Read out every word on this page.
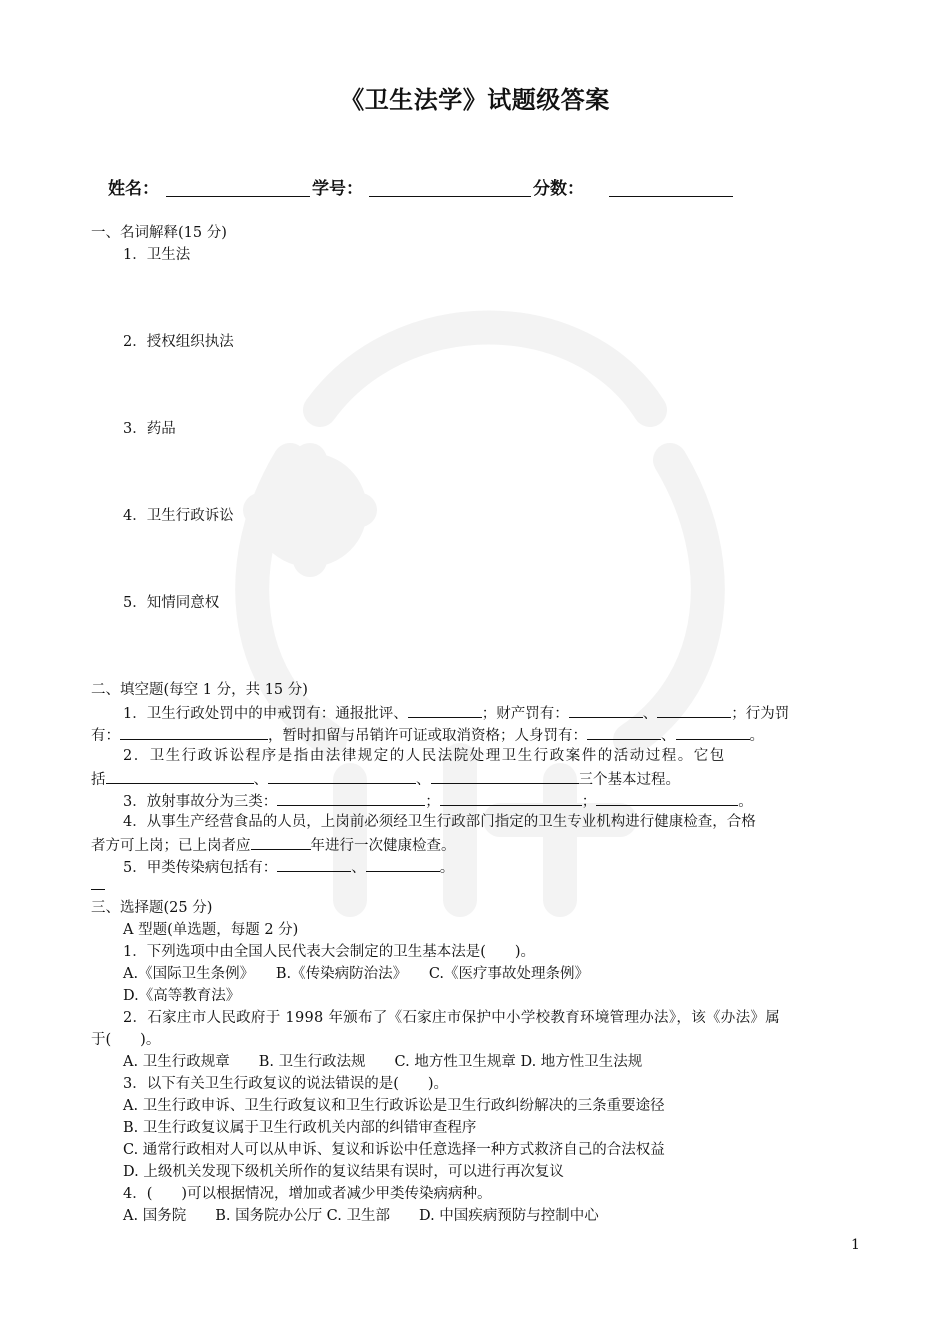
《卫生法学》试题级答案
姓名：	学号：	分数：
一、名词解释(15 分)
1．卫生法
2．授权组织执法
3．药品
4．卫生行政诉讼
5．知情同意权
二、填空题(每空 1 分，共 15 分)
1．卫生行政处罚中的申戒罚有：通报批评、	；财产罚有：	、	；行为罚
有：	，暂时扣留与吊销许可证或取消资格；人身罚有：	、	。
2．卫生行政诉讼程序是指由法律规定的人民法院处理卫生行政案件的活动过程。它包
括	、	、	三个基本过程。
3．放射事故分为三类：	；	；	。
4．从事生产经营食品的人员，上岗前必须经卫生行政部门指定的卫生专业机构进行健康检查，合格
者方可上岗；已上岗者应	年进行一次健康检查。
5．甲类传染病包括有：	、	。
三、选择题(25 分)
A 型题(单选题，每题 2 分)
1．下列选项中由全国人民代表大会制定的卫生基本法是(　　)。
A.《国际卫生条例》　　B.《传染病防治法》　　C.《医疗事故处理条例》
D.《高等教育法》
2．石家庄市人民政府于 1998 年颁布了《石家庄市保护中小学校教育环境管理办法》，该《办法》属
于(　　)。
A. 卫生行政规章　　B. 卫生行政法规　　C. 地方性卫生规章 D. 地方性卫生法规
3．以下有关卫生行政复议的说法错误的是(　　)。
A. 卫生行政申诉、卫生行政复议和卫生行政诉讼是卫生行政纠纷解决的三条重要途径
B. 卫生行政复议属于卫生行政机关内部的纠错审查程序
C. 通常行政相对人可以从申诉、复议和诉讼中任意选择一种方式救济自己的合法权益
D. 上级机关发现下级机关所作的复议结果有误时，可以进行再次复议
4．(　　)可以根据情况，增加或者减少甲类传染病病种。
A. 国务院　　B. 国务院办公厅 C. 卫生部　　D. 中国疾病预防与控制中心
1
